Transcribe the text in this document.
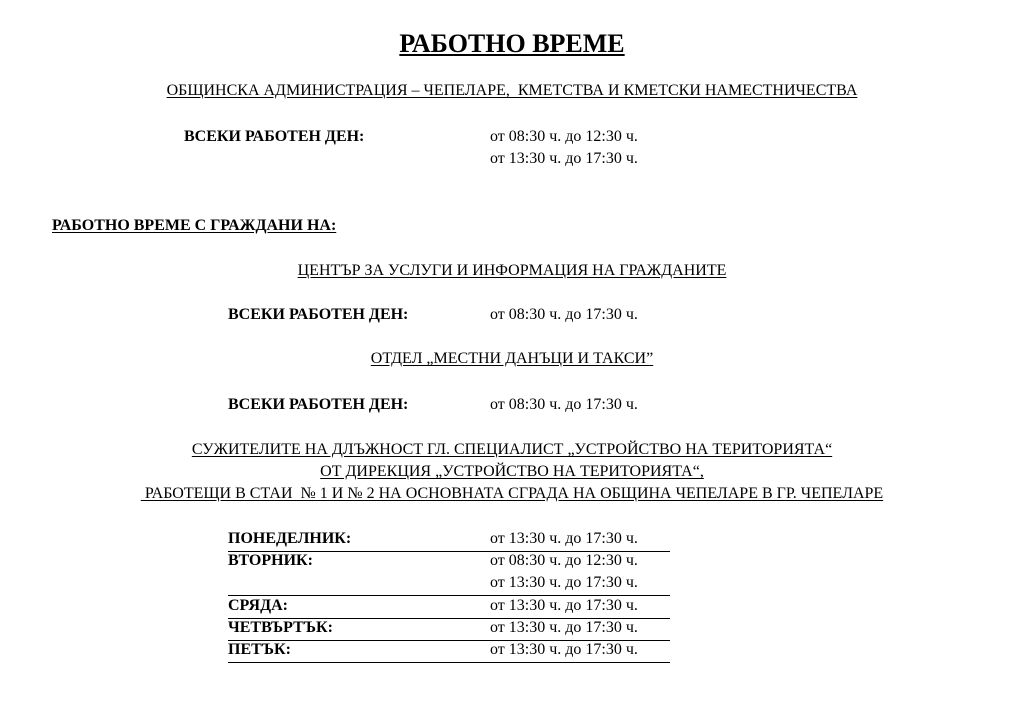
РАБОТНО ВРЕМЕ
ОБЩИНСКА АДМИНИСТРАЦИЯ – ЧЕПЕЛАРЕ,  КМЕТСТВА И КМЕТСКИ НАМЕСТНИЧЕСТВА
ВСЕКИ РАБОТЕН ДЕН:	от 08:30 ч. до 12:30 ч.
от 13:30 ч. до 17:30 ч.
РАБОТНО ВРЕМЕ С ГРАЖДАНИ НА:
ЦЕНТЪР ЗА УСЛУГИ И ИНФОРМАЦИЯ НА ГРАЖДАНИТЕ
ВСЕКИ РАБОТЕН ДЕН:	от 08:30 ч. до 17:30 ч.
ОТДЕЛ „МЕСТНИ ДАНЪЦИ И ТАКСИ”
ВСЕКИ РАБОТЕН ДЕН:	от 08:30 ч. до 17:30 ч.
СУЖИТЕЛИТЕ НА ДЛЪЖНОСТ ГЛ. СПЕЦИАЛИСТ „УСТРОЙСТВО НА ТЕРИТОРИЯТА“
ОТ ДИРЕКЦИЯ „УСТРОЙСТВО НА ТЕРИТОРИЯТА“,
РАБОТЕЩИ В СТАИ  № 1 И № 2 НА ОСНОВНАТА СГРАДА НА ОБЩИНА ЧЕПЕЛАРЕ В ГР. ЧЕПЕЛАРЕ
ПОНЕДЕЛНИК:	от 13:30 ч. до 17:30 ч.
ВТОРНИК:	от 08:30 ч. до 12:30 ч.
от 13:30 ч. до 17:30 ч.
СРЯДА:	от 13:30 ч. до 17:30 ч.
ЧЕТВЪРТЪК:	от 13:30 ч. до 17:30 ч.
ПЕТЪК:	от 13:30 ч. до 17:30 ч.
